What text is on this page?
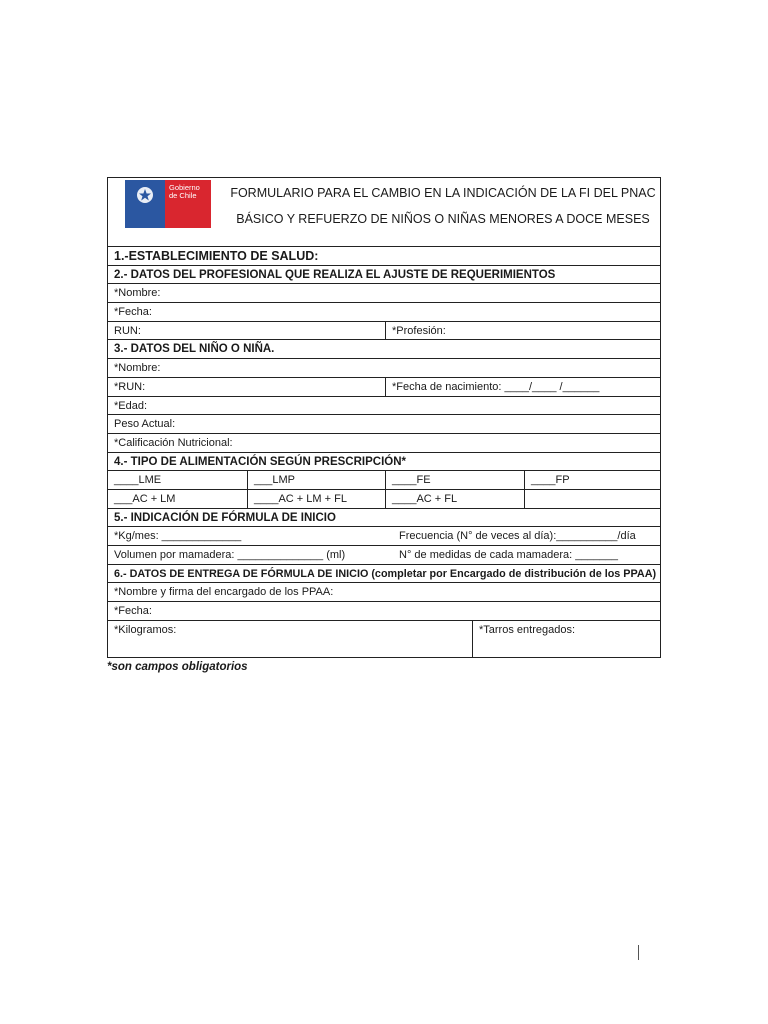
Gobierno
de Chile	FORMULARIO PARA EL CAMBIO EN LA INDICACIÓN DE LA FI DEL PNAC
BÁSICO Y REFUERZO DE NIÑOS O NIÑAS MENORES A DOCE MESES
1.-ESTABLECIMIENTO DE SALUD:
2.- DATOS DEL PROFESIONAL QUE REALIZA EL AJUSTE DE REQUERIMIENTOS
*Nombre:
*Fecha:
RUN:	*Profesión:
3.- DATOS DEL NIÑO O NIÑA.
*Nombre:
*RUN:	*Fecha de nacimiento: ____/____ /______
*Edad:
Peso Actual:
*Calificación Nutricional:
4.- TIPO DE ALIMENTACIÓN SEGÚN PRESCRIPCIÓN*
____LME	___LMP	____FE	____FP
___AC + LM	____AC + LM + FL	____AC + FL
5.- INDICACIÓN DE FÓRMULA DE INICIO
*Kg/mes: _____________	Frecuencia (N° de veces al día):__________/día
Volumen por mamadera: ______________ (ml)	N° de medidas de cada mamadera: _______
6.- DATOS DE ENTREGA DE FÓRMULA DE INICIO (completar por Encargado de distribución de los PPAA)
*Nombre y firma del encargado de los PPAA:
*Fecha:
*Kilogramos:	*Tarros entregados:
*son campos obligatorios
